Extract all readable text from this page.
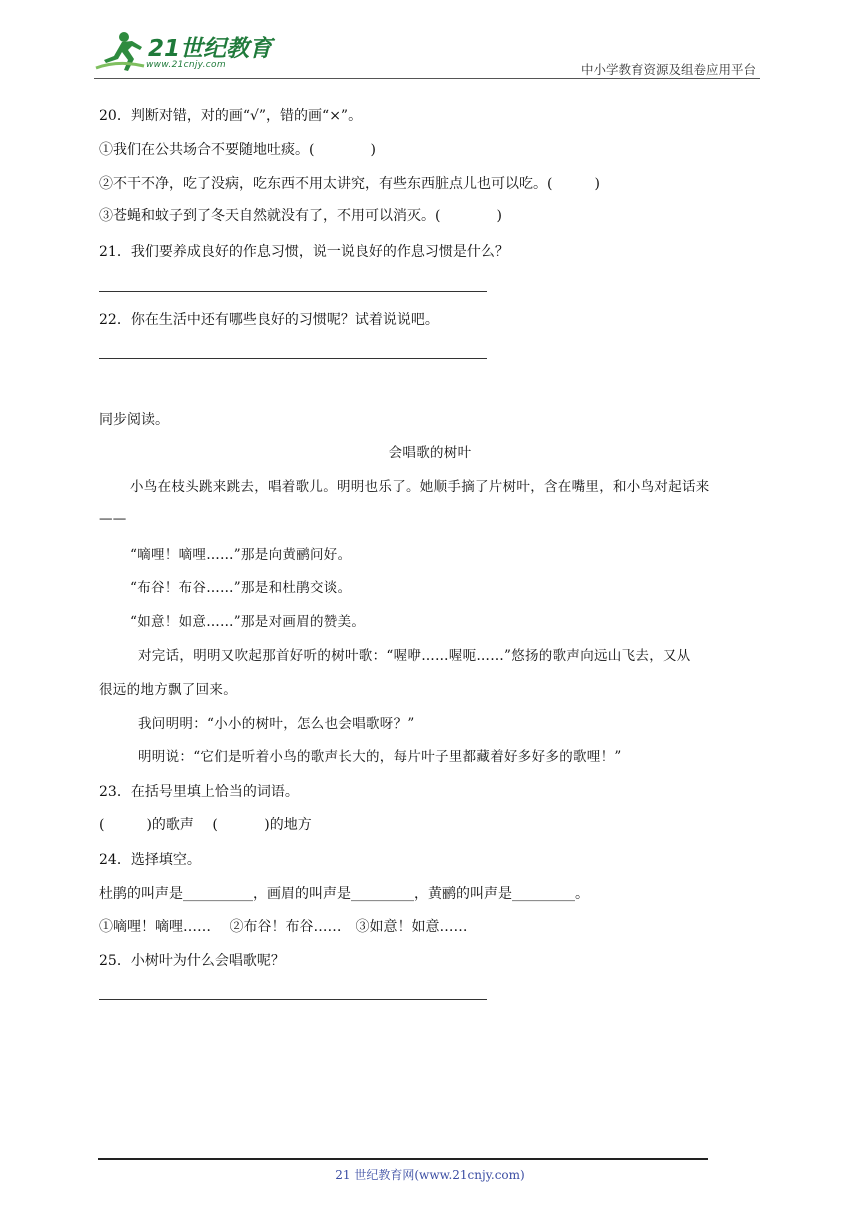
21世纪教育
www.21cnjy.com	中小学教育资源及组卷应用平台
20．判断对错，对的画“√”，错的画“×”。
①我们在公共场合不要随地吐痰。(　　　　)
②不干不净，吃了没病，吃东西不用太讲究，有些东西脏点儿也可以吃。(　　　)
③苍蝇和蚊子到了冬天自然就没有了，不用可以消灭。(　　　　)
21．我们要养成良好的作息习惯，说一说良好的作息习惯是什么？
22．你在生活中还有哪些良好的习惯呢？试着说说吧。
同步阅读。
会唱歌的树叶
小鸟在枝头跳来跳去，唱着歌儿。明明也乐了。她顺手摘了片树叶，含在嘴里，和小鸟对起话来
——
“嘀哩！嘀哩……”那是向黄鹂问好。
“布谷！布谷……”那是和杜鹃交谈。
“如意！如意……”那是对画眉的赞美。
对完话，明明又吹起那首好听的树叶歌：“喔咿……喔呃……”悠扬的歌声向远山飞去，又从
很远的地方飘了回来。
我问明明：“小小的树叶，怎么也会唱歌呀？”
明明说：“它们是听着小鸟的歌声长大的，每片叶子里都藏着好多好多的歌哩！”
23．在括号里填上恰当的词语。
(　　　)的歌声　 (　　　 )的地方
24．选择填空。
杜鹃的叫声是__________，画眉的叫声是_________，黄鹂的叫声是_________。
①嘀哩！嘀哩……　 ②布谷！布谷……　③如意！如意……
25．小树叶为什么会唱歌呢？
21 世纪教育网(www.21cnjy.com)
